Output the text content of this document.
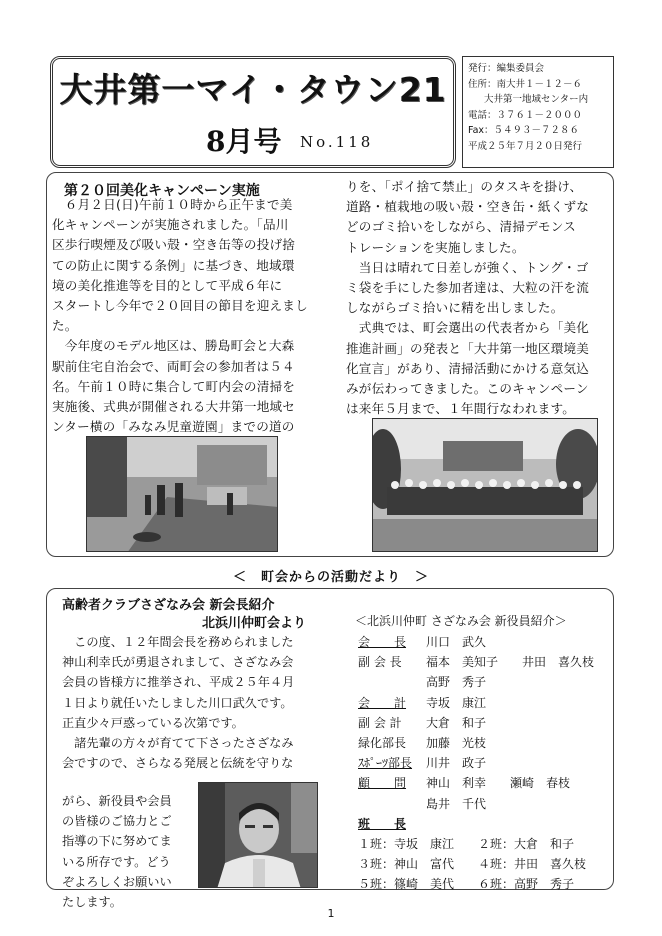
大井第一マイ・タウン21
8月号 No.118

発行：編集委員会

住所：南大井１－１２－６

大井第一地域センター内

電話：３７６１－２０００

Fax：５４９３－７２８６

平成２５年７月２０日発行

第２０回美化キャンペーン実施

　６月２日(日)午前１０時から正午まで美

化キャンペーンが実施されました。「品川

区歩行喫煙及び吸い殻・空き缶等の投げ捨

ての防止に関する条例」に基づき、地域環

境の美化推進等を目的として平成６年に

スタートし今年で２０回目の節目を迎えまし

た。

　今年度のモデル地区は、勝島町会と大森

駅前住宅自治会で、両町会の参加者は５４

名。午前１０時に集合して町内会の清掃を

実施後、式典が開催される大井第一地域セ

ンター横の「みなみ児童遊園」までの道の

りを、「ポイ捨て禁止」のタスキを掛け、

道路・植栽地の吸い殻・空き缶・紙くずな

どのゴミ拾いをしながら、清掃デモンス

トレーションを実施しました。

　当日は晴れて日差しが強く、トング・ゴ

ミ袋を手にした参加者達は、大粒の汗を流

しながらゴミ拾いに精を出しました。

　式典では、町会選出の代表者から「美化

推進計画」の発表と「大井第一地区環境美

化宣言」があり、清掃活動にかける意気込

みが伝わってきました。このキャンペーン

は来年５月まで、１年間行なわれます。

＜　町会からの活動だより　＞
高齢者クラブさざなみ会 新会長紹介
北浜川仲町会より

　この度、１２年間会長を務められました

神山利幸氏が勇退されまして、さざなみ会

会員の皆様方に推挙され、平成２５年４月

１日より就任いたしました川口武久です。

正直少々戸惑っている次第です。

　諸先輩の方々が育てて下さったさざなみ

会ですので、さらなる発展と伝統を守りな

がら、新役員や会員

の皆様のご協力とご

指導の下に努めてま

いる所存です。どう

ぞよろしくお願いい

たします。

＜北浜川仲町 さざなみ会 新役員紹介＞

会　　長 川口　武久

副 会 長 福本　美知子　　井田　喜久枝

高野　秀子

会　　計 寺坂　康江

副 会 計 大倉　和子

緑化部長 加藤　光枝

ｽﾎﾟｰﾂ部長 川井　政子

顧　　問 神山　利幸　　瀬崎　春枝

島井　千代

班　　長

１班：寺坂　康江　　２班：大倉　和子

３班：神山　富代　　４班：井田　喜久枝

５班：篠崎　美代　　６班：高野　秀子

1
